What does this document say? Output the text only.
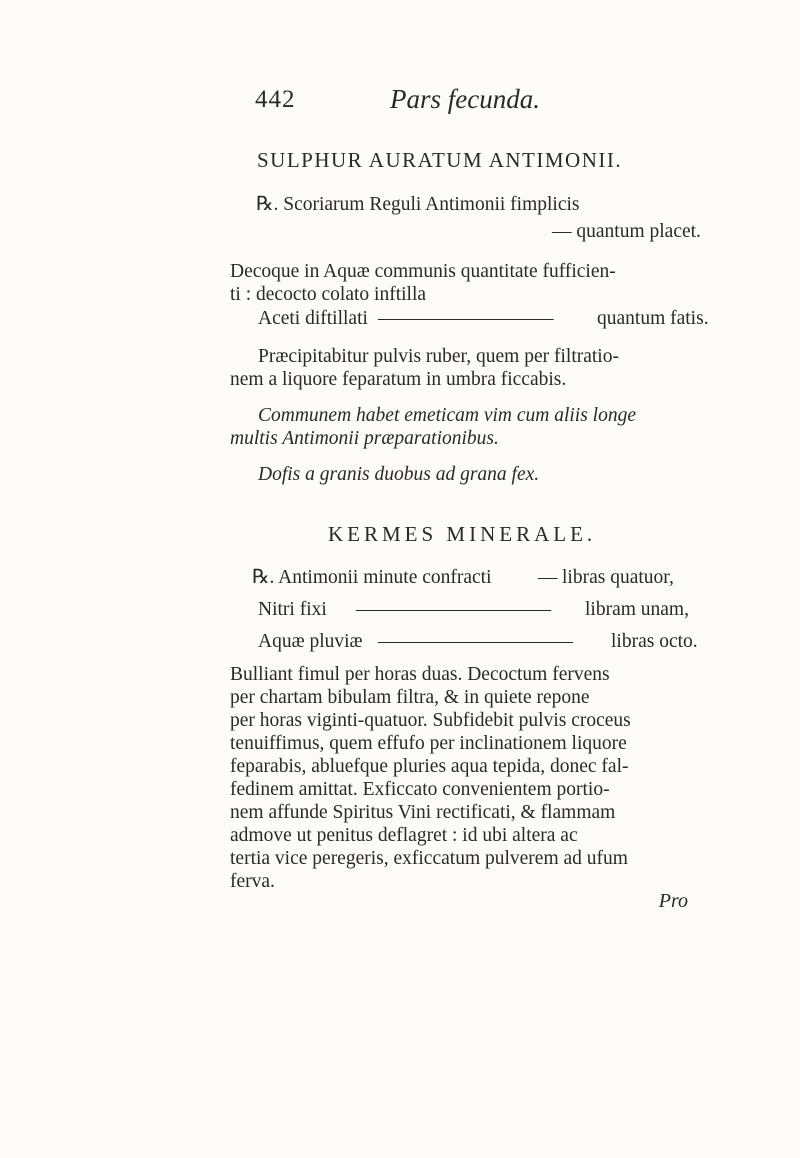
442	Pars fecunda.
SULPHUR AURATUM ANTIMONII.
℞. Scoriarum Reguli Antimonii fimplicis
— quantum placet.
Decoque in Aquæ communis quantitate fufficien-
ti : decocto colato inftilla
Aceti diftillati ————————— quantum fatis.
Præcipitabitur pulvis ruber, quem per filtratio-
nem a liquore feparatum in umbra ficcabis.
Communem habet emeticam vim cum aliis longe
multis Antimonii præparationibus.
Dofis a granis duobus ad grana fex.
KERMES MINERALE.
℞. Antimonii minute confracti — libras quatuor,
Nitri fixi —————————— libram unam,
Aquæ pluviæ —————————— libras octo.
Bulliant fimul per horas duas. Decoctum fervens
per chartam bibulam filtra, & in quiete repone
per horas viginti-quatuor. Subfidebit pulvis croceus
tenuiffimus, quem effufo per inclinationem liquore
feparabis, abluefque pluries aqua tepida, donec fal-
fedinem amittat. Exficcato convenientem portio-
nem affunde Spiritus Vini rectificati, & flammam
admove ut penitus deflagret : id ubi altera ac
tertia vice peregeris, exficcatum pulverem ad ufum
ferva.
Pro
